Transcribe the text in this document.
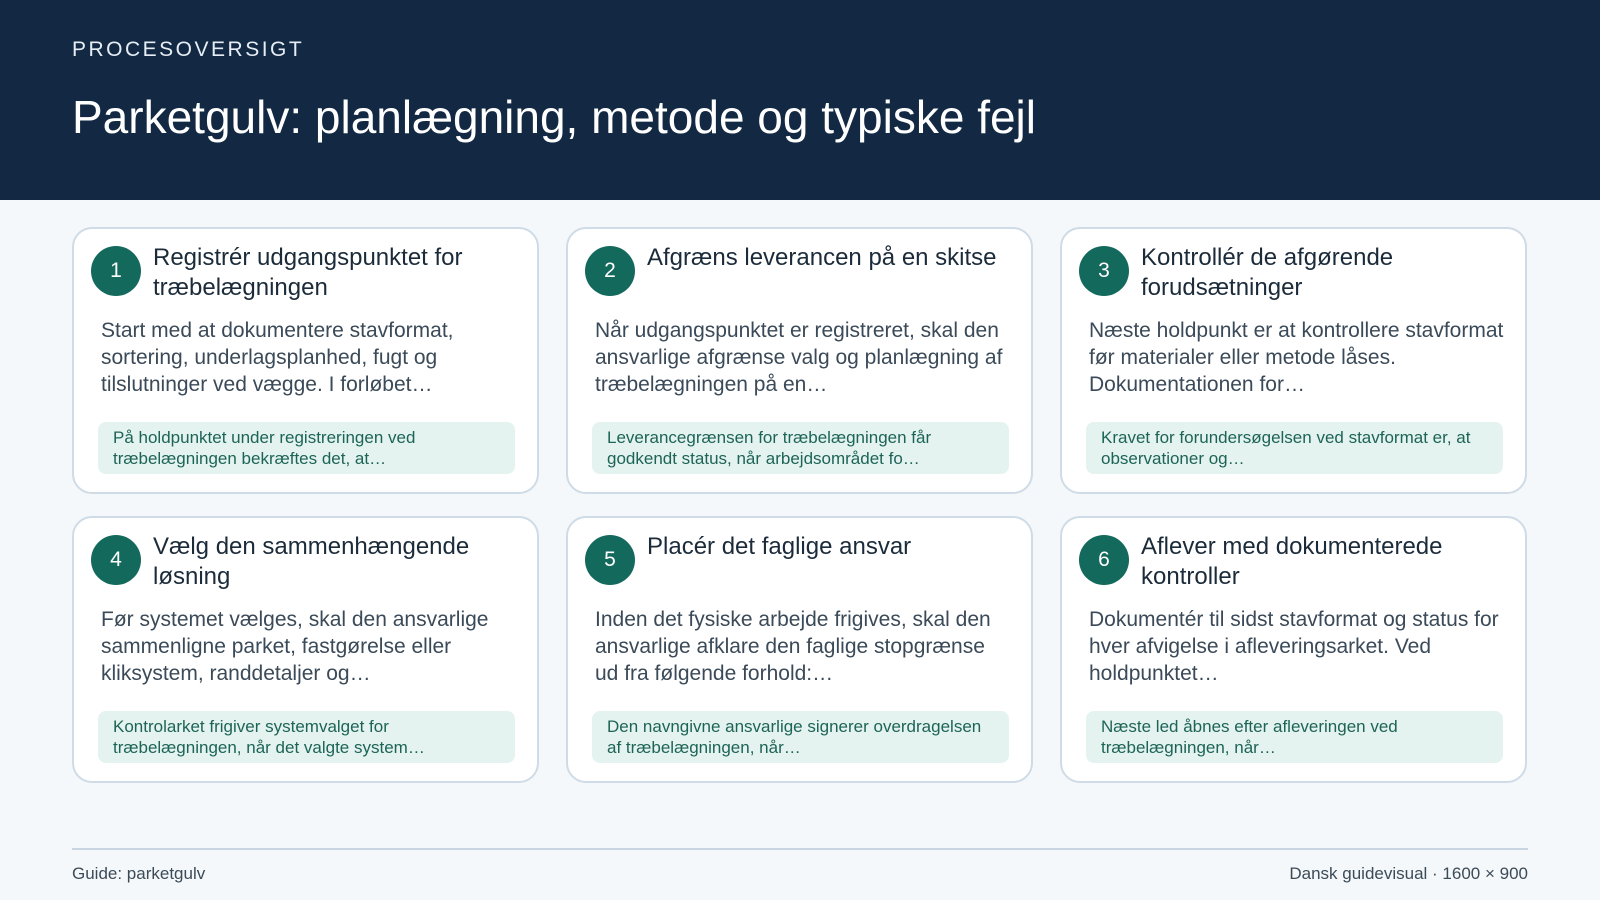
PROCESOVERSIGT
Parketgulv: planlægning, metode og typiske fejl
1	Registrér udgangspunktet for træbelægningen
Start med at dokumentere stavformat, sortering, underlagsplanhed, fugt og tilslutninger ved vægge. I forløbet…
På holdpunktet under registreringen ved træbelægningen bekræftes det, at…
2	Afgræns leverancen på en skitse
Når udgangspunktet er registreret, skal den ansvarlige afgrænse valg og planlægning af træbelægningen på en…
Leverancegrænsen for træbelægningen får godkendt status, når arbejdsområdet fo…
3	Kontrollér de afgørende forudsætninger
Næste holdpunkt er at kontrollere stavformat før materialer eller metode låses. Dokumentationen for…
Kravet for forundersøgelsen ved stavformat er, at observationer og…
4	Vælg den sammenhængende løsning
Før systemet vælges, skal den ansvarlige sammenligne parket, fastgørelse eller kliksystem, randdetaljer og…
Kontrolarket frigiver systemvalget for træbelægningen, når det valgte system…
5	Placér det faglige ansvar
Inden det fysiske arbejde frigives, skal den ansvarlige afklare den faglige stopgrænse ud fra følgende forhold:…
Den navngivne ansvarlige signerer overdragelsen af træbelægningen, når…
6	Aflever med dokumenterede kontroller
Dokumentér til sidst stavformat og status for hver afvigelse i afleveringsarket. Ved holdpunktet…
Næste led åbnes efter afleveringen ved træbelægningen, når…
Guide: parketgulv	Dansk guidevisual · 1600 × 900
